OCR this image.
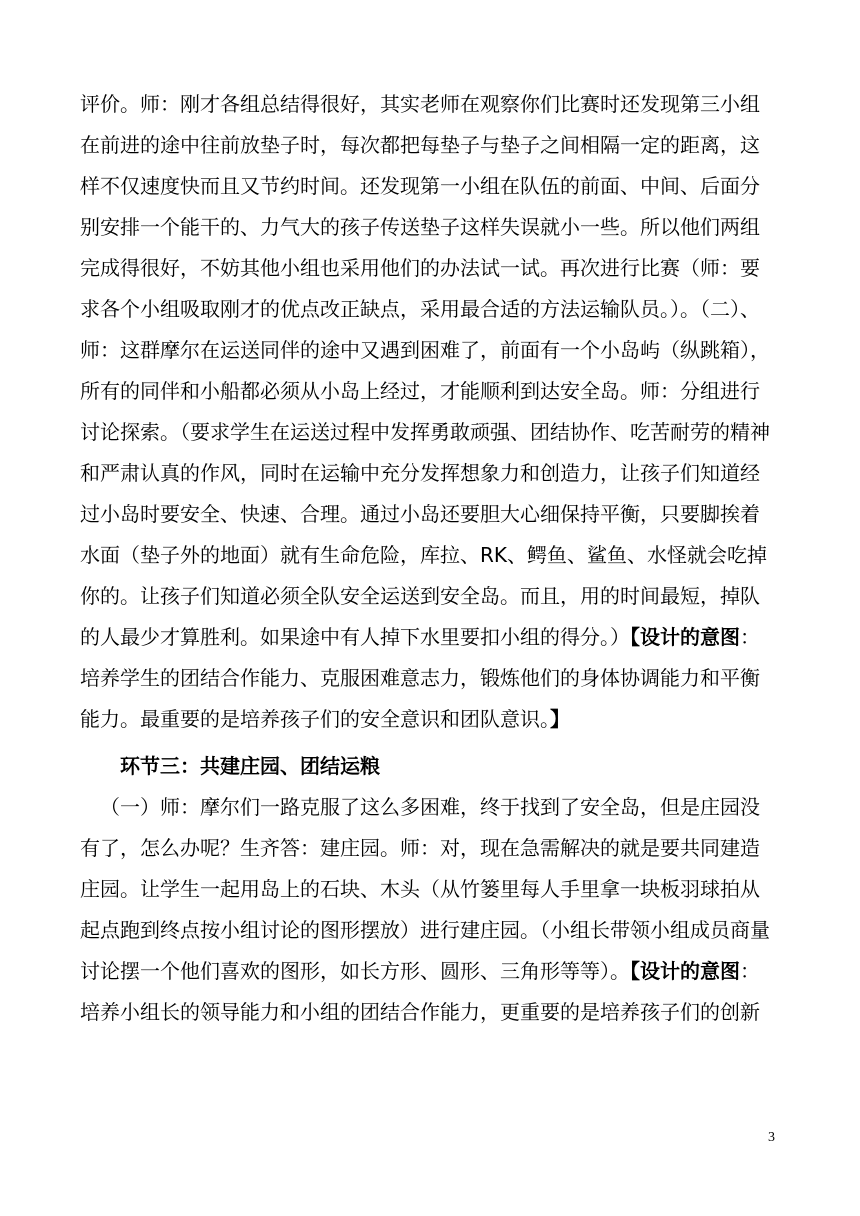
评价。师：刚才各组总结得很好，其实老师在观察你们比赛时还发现第三小组
在前进的途中往前放垫子时，每次都把每垫子与垫子之间相隔一定的距离，这
样不仅速度快而且又节约时间。还发现第一小组在队伍的前面、中间、后面分
别安排一个能干的、力气大的孩子传送垫子这样失误就小一些。所以他们两组
完成得很好，不妨其他小组也采用他们的办法试一试。再次进行比赛（师：要
求各个小组吸取刚才的优点改正缺点，采用最合适的方法运输队员。）。（二）、
师：这群摩尔在运送同伴的途中又遇到困难了，前面有一个小岛屿（纵跳箱），
所有的同伴和小船都必须从小岛上经过，才能顺利到达安全岛。师：分组进行
讨论探索。（要求学生在运送过程中发挥勇敢顽强、团结协作、吃苦耐劳的精神
和严肃认真的作风，同时在运输中充分发挥想象力和创造力，让孩子们知道经
过小岛时要安全、快速、合理。通过小岛还要胆大心细保持平衡，只要脚挨着
水面（垫子外的地面）就有生命危险，库拉、RK、鳄鱼、鲨鱼、水怪就会吃掉
你的。让孩子们知道必须全队安全运送到安全岛。而且，用的时间最短，掉队
的人最少才算胜利。如果途中有人掉下水里要扣小组的得分。）【设计的意图：
培养学生的团结合作能力、克服困难意志力，锻炼他们的身体协调能力和平衡
能力。最重要的是培养孩子们的安全意识和团队意识。】
环节三：共建庄园、团结运粮
（一）师：摩尔们一路克服了这么多困难，终于找到了安全岛，但是庄园没
有了，怎么办呢？生齐答：建庄园。师：对，现在急需解决的就是要共同建造
庄园。让学生一起用岛上的石块、木头（从竹篓里每人手里拿一块板羽球拍从
起点跑到终点按小组讨论的图形摆放）进行建庄园。（小组长带领小组成员商量
讨论摆一个他们喜欢的图形，如长方形、圆形、三角形等等）。【设计的意图：
培养小组长的领导能力和小组的团结合作能力，更重要的是培养孩子们的创新
3
